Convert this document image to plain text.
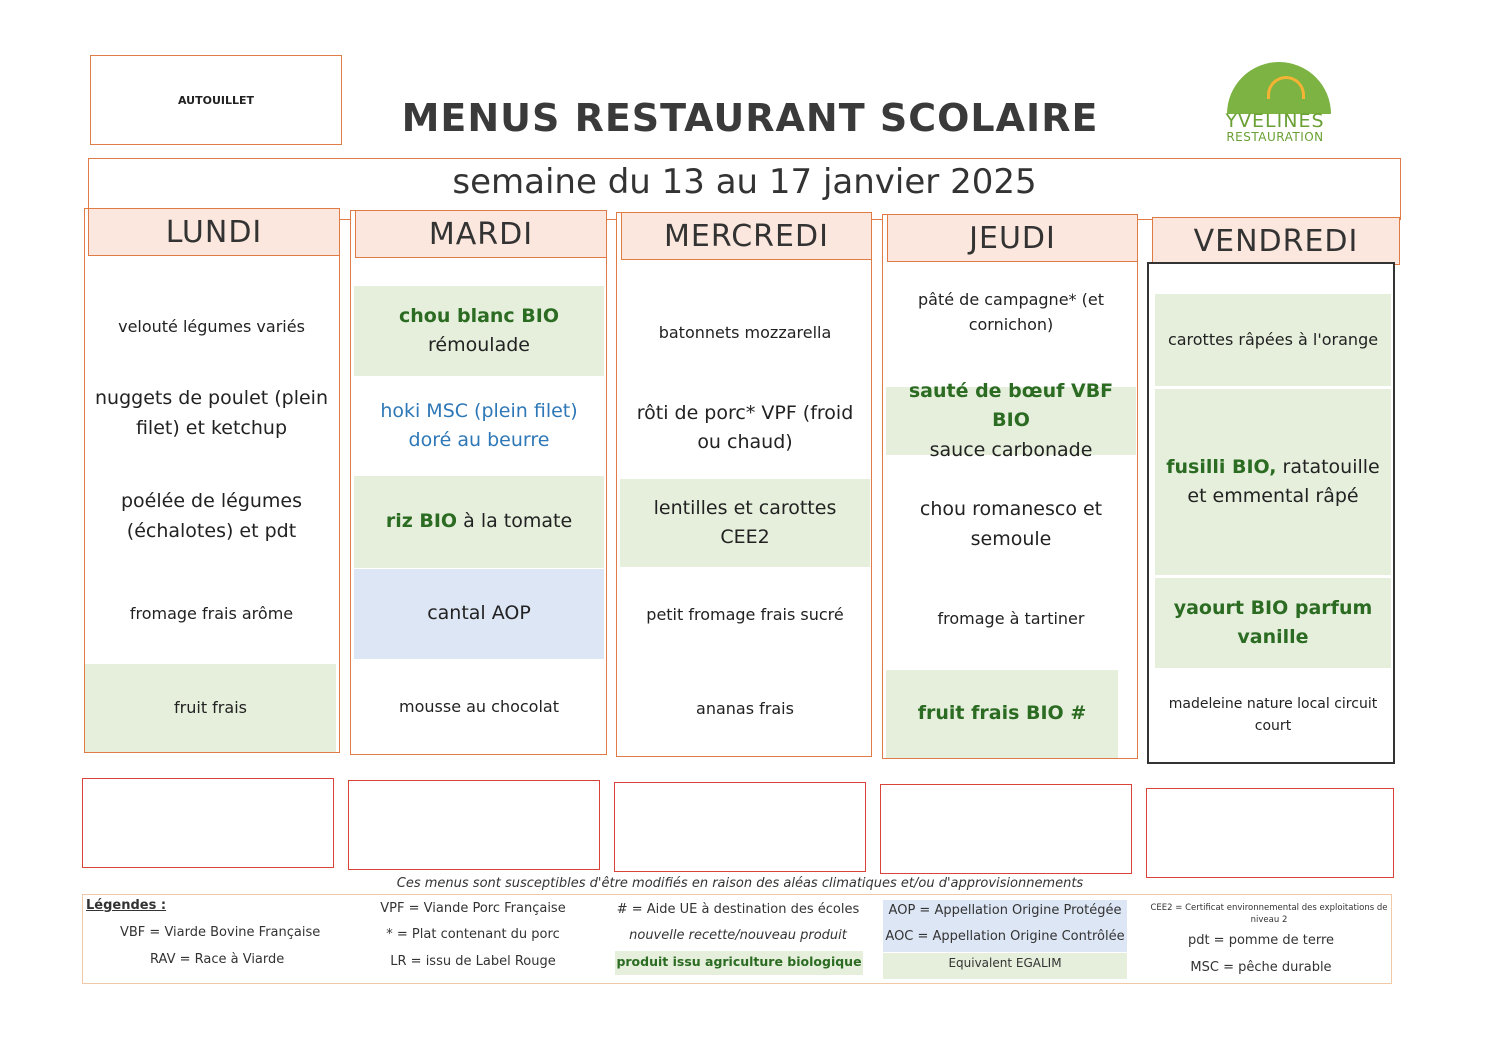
AUTOUILLET	MENUS RESTAURANT SCOLAIRE	YVELINES
RESTAURATION
semaine du 13 au 17 janvier 2025
velouté légumes variés
nuggets de poulet (plein filet) et ketchup
poélée de légumes (échalotes) et pdt
fromage frais arôme
fruit frais
LUNDI
chou blanc BIO
rémoulade
hoki MSC (plein filet) doré au beurre
riz BIO à la tomate
cantal AOP
mousse au chocolat
MARDI
batonnets mozzarella
rôti de porc* VPF (froid ou chaud)
lentilles et carottes CEE2
petit fromage frais sucré
ananas frais
MERCREDI
pâté de campagne* (et cornichon)
sauté de bœuf VBF BIO
sauce carbonade
chou romanesco et semoule
fromage à tartiner
fruit frais BIO #
JEUDI	VENDREDI
carottes râpées à l'orange
fusilli BIO, ratatouille et emmental râpé
yaourt BIO parfum vanille
madeleine nature local circuit court
Ces menus sont susceptibles d'être modifiés en raison des aléas climatiques et/ou d'approvisionnements
Légendes :
VBF = Viarde Bovine Française
RAV = Race à Viarde
VPF = Viande Porc Française
* = Plat contenant du porc
LR = issu de Label Rouge
# = Aide UE à destination des écoles
nouvelle recette/nouveau produit
produit issu agriculture biologique
AOP = Appellation Origine Protégée
AOC = Appellation Origine Contrôlée
Equivalent EGALIM
CEE2 = Certificat environnemental des exploitations de niveau 2
pdt = pomme de terre
MSC = pêche durable
